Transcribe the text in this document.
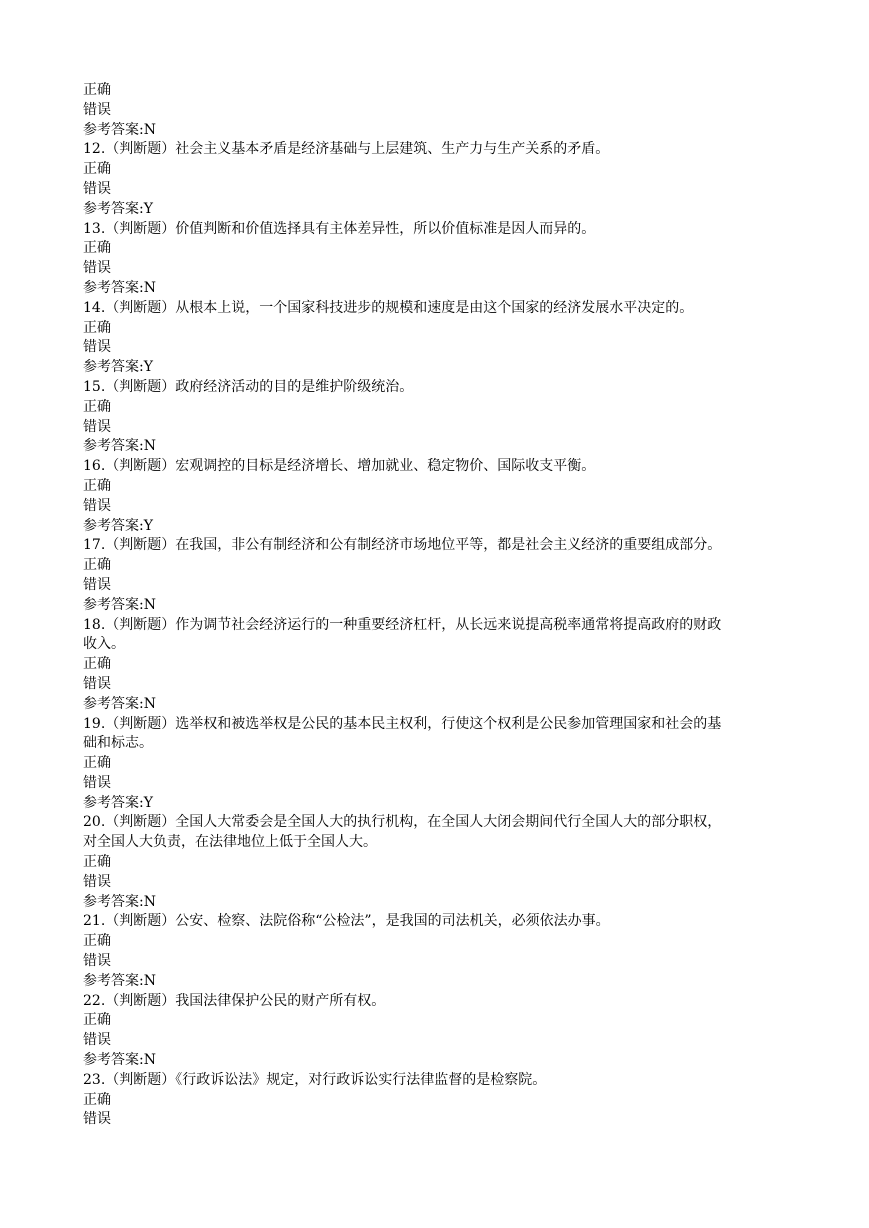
正确
错误
参考答案:N
12.（判断题）社会主义基本矛盾是经济基础与上层建筑、生产力与生产关系的矛盾。
正确
错误
参考答案:Y
13.（判断题）价值判断和价值选择具有主体差异性，所以价值标准是因人而异的。
正确
错误
参考答案:N
14.（判断题）从根本上说，一个国家科技进步的规模和速度是由这个国家的经济发展水平决定的。
正确
错误
参考答案:Y
15.（判断题）政府经济活动的目的是维护阶级统治。
正确
错误
参考答案:N
16.（判断题）宏观调控的目标是经济增长、增加就业、稳定物价、国际收支平衡。
正确
错误
参考答案:Y
17.（判断题）在我国，非公有制经济和公有制经济市场地位平等，都是社会主义经济的重要组成部分。
正确
错误
参考答案:N
18.（判断题）作为调节社会经济运行的一种重要经济杠杆，从长远来说提高税率通常将提高政府的财政
收入。
正确
错误
参考答案:N
19.（判断题）选举权和被选举权是公民的基本民主权利，行使这个权利是公民参加管理国家和社会的基
础和标志。
正确
错误
参考答案:Y
20.（判断题）全国人大常委会是全国人大的执行机构，在全国人大闭会期间代行全国人大的部分职权，
对全国人大负责，在法律地位上低于全国人大。
正确
错误
参考答案:N
21.（判断题）公安、检察、法院俗称“公检法”，是我国的司法机关，必须依法办事。
正确
错误
参考答案:N
22.（判断题）我国法律保护公民的财产所有权。
正确
错误
参考答案:N
23.（判断题）《行政诉讼法》规定，对行政诉讼实行法律监督的是检察院。
正确
错误
